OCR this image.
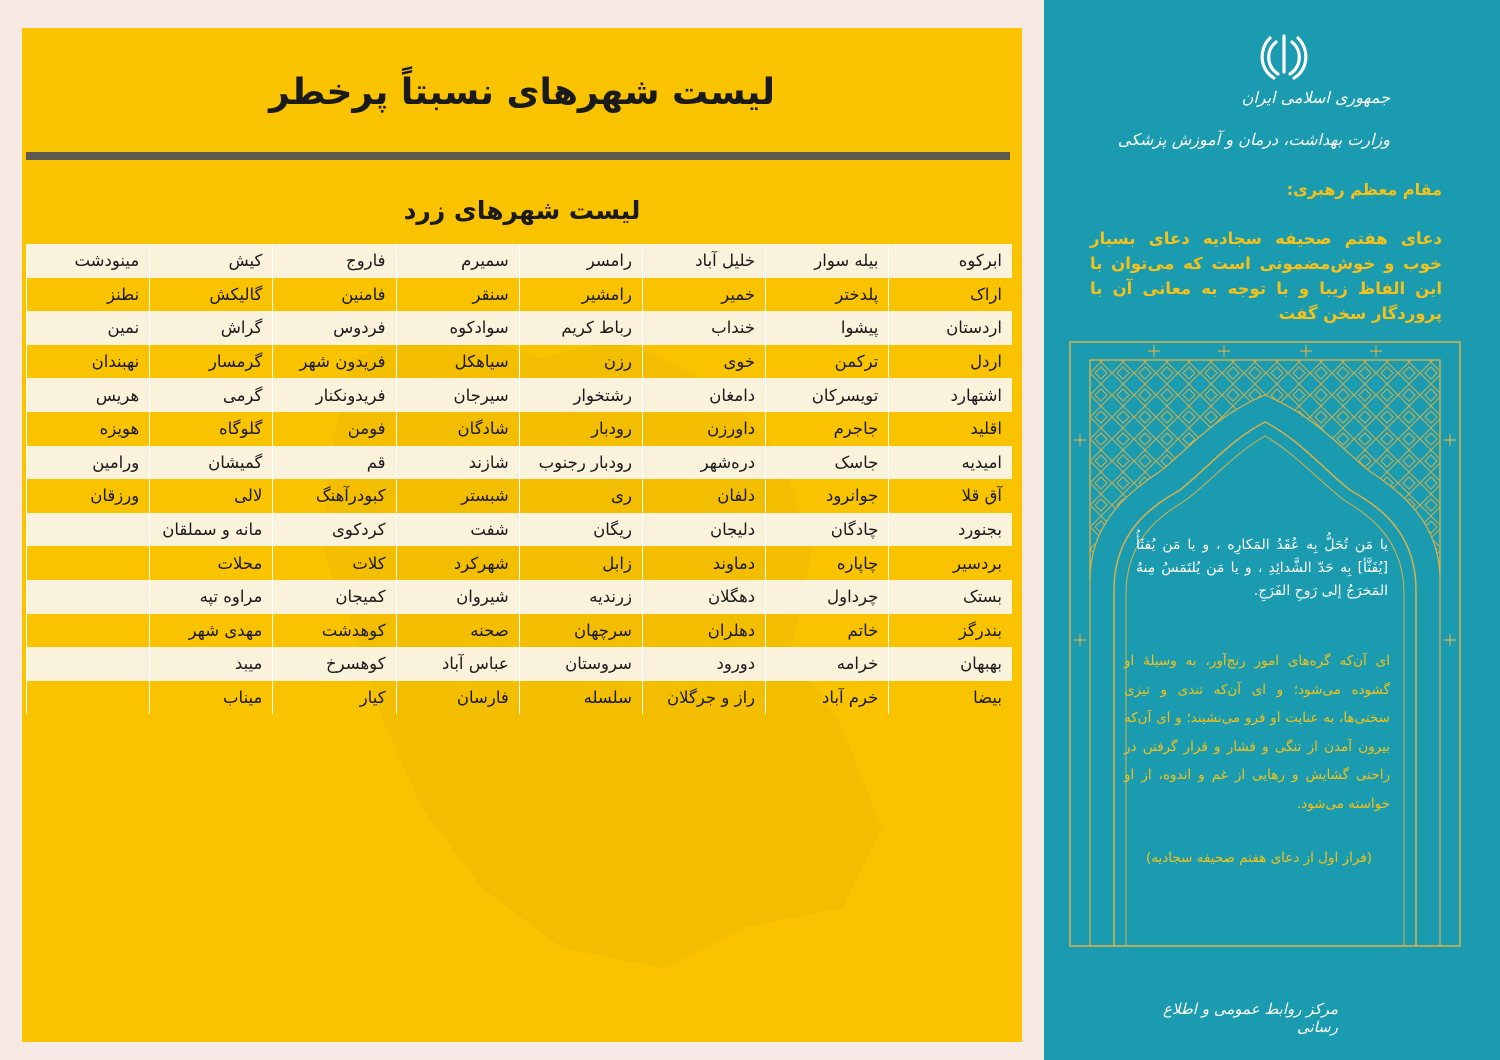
لیست شهرهای نسبتاً پرخطر
لیست شهرهای زرد
ابرکوه	بیله سوار	خلیل آباد	رامسر	سمیرم	فاروج	کیش	مینودشت
اراک	پلدختر	خمیر	رامشیر	سنقر	فامنین	گالیکش	نطنز
اردستان	پیشوا	خنداب	رباط کریم	سوادکوه	فردوس	گراش	نمین
اردل	ترکمن	خوی	رزن	سیاهکل	فریدون شهر	گرمسار	نهبندان
اشتهارد	تویسرکان	دامغان	رشتخوار	سیرجان	فریدونکنار	گرمی	هریس
اقلید	جاجرم	داورزن	رودبار	شادگان	فومن	گلوگاه	هویزه
امیدیه	جاسک	دره‌شهر	رودبار رجنوب	شازند	قم	گمیشان	ورامین
آق قلا	جوانرود	دلفان	ری	شبستر	کبودرآهنگ	لالی	ورزقان
بجنورد	چادگان	دلیجان	ریگان	شفت	کردکوی	مانه و سملقان	
بردسیر	چاپاره	دماوند	زابل	شهرکرد	کلات	محلات	
بستک	چرداول	دهگلان	زرندیه	شیروان	کمیجان	مراوه تپه	
بندرگز	خاتم	دهلران	سرچهان	صحنه	کوهدشت	مهدی شهر	
بهبهان	خرامه	دورود	سروستان	عباس آباد	کوهسرخ	میبد	
بیضا	خرم آباد	راز و جرگلان	سلسله	فارسان	کیار	میناب	
جمهوری اسلامی ایران
وزارت بهداشت، درمان و آموزش پزشکی
مقام معظم رهبری:
دعای هفتم صحیفه سجادیه دعای بسیار خوب و خوش‌مضمونی است که می‌توان با این الفاظ زیبا و با توجه به معانی آن با پروردگار سخن گفت
یا مَن تُحَلُّ بِه عُقَدُ المَکارِه ، و یا مَن یُفثَأُ [یُفَثَّأ] بِه حَدّ الشَّدائِدِ ، و یا مَن یُلتَمَسُ مِنهُ المَخرَجُ إلی رَوحِ الفَرَجِ.
ای آن‌که گره‌های امور رنج‌آور، به وسیلهٔ او گشوده می‌شود؛ و ای آن‌که تندی و تیزی سختی‌ها، به عنایت او فرو می‌نشیند؛ و ای آن‌که بیرون آمدن از تنگی و فشار و قرار گرفتن در راحتی گشایش و رهایی از غم و اندوه، از او خواسته می‌شود.
(فراز اول از دعای هفتم صحیفه سجادیه)
مرکز روابط عمومی و اطلاع رسانی
